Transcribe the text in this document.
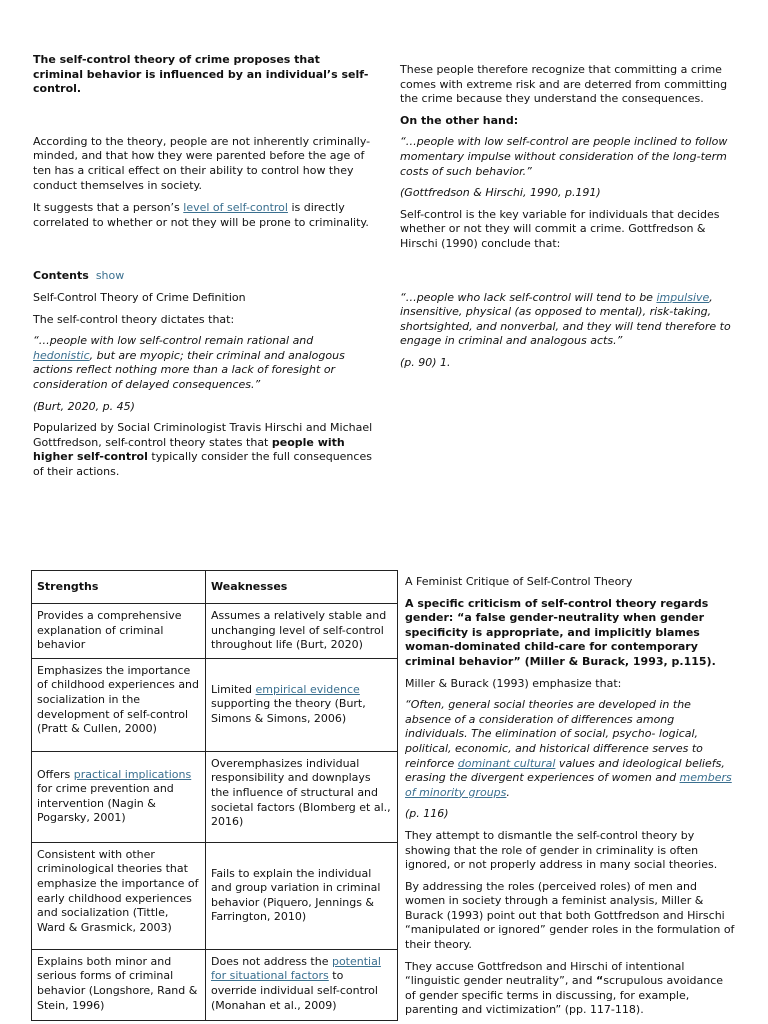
The self-control theory of crime proposes that criminal behavior is influenced by an individual’s self-control.

According to the theory, people are not inherently criminally-minded, and that how they were parented before the age of ten has a critical effect on their ability to control how they conduct themselves in society.

It suggests that a person’s level of self-control is directly correlated to whether or not they will be prone to criminality.

Contents show

Self-Control Theory of Crime Definition

The self-control theory dictates that:

“…people with low self-control remain rational and hedonistic, but are myopic; their criminal and analogous actions reflect nothing more than a lack of foresight or consideration of delayed consequences.”

(Burt, 2020, p. 45)

Popularized by Social Criminologist Travis Hirschi and Michael Gottfredson, self-control theory states that people with higher self-control typically consider the full consequences of their actions.

These people therefore recognize that committing a crime comes with extreme risk and are deterred from committing the crime because they understand the consequences.

On the other hand:

“…people with low self-control are people inclined to follow momentary impulse without consideration of the long-term costs of such behavior.”

(Gottfredson & Hirschi, 1990, p.191)

Self-control is the key variable for individuals that decides whether or not they will commit a crime. Gottfredson & Hirschi (1990) conclude that:

“…people who lack self-control will tend to be impulsive, insensitive, physical (as opposed to mental), risk-taking, shortsighted, and nonverbal, and they will tend therefore to engage in criminal and analogous acts.”

(p. 90) 1.

Strengths	Weaknesses
Provides a comprehensive explanation of criminal behavior	Assumes a relatively stable and unchanging level of self-control throughout life (Burt, 2020)
Emphasizes the importance of childhood experiences and socialization in the development of self-control (Pratt & Cullen, 2000)	Limited empirical evidence supporting the theory (Burt, Simons & Simons, 2006)
Offers practical implications for crime prevention and intervention (Nagin & Pogarsky, 2001)	Overemphasizes individual responsibility and downplays the influence of structural and societal factors (Blomberg et al., 2016)
Consistent with other criminological theories that emphasize the importance of early childhood experiences and socialization (Tittle, Ward & Grasmick, 2003)	Fails to explain the individual and group variation in criminal behavior (Piquero, Jennings & Farrington, 2010)
Explains both minor and serious forms of criminal behavior (Longshore, Rand & Stein, 1996)	Does not address the potential for situational factors to override individual self-control (Monahan et al., 2009)

A Feminist Critique of Self-Control Theory

A specific criticism of self-control theory regards gender: “a false gender-neutrality when gender specificity is appropriate, and implicitly blames woman-dominated child-care for contemporary criminal behavior” (Miller & Burack, 1993, p.115).

Miller & Burack (1993) emphasize that:

“Often, general social theories are developed in the absence of a consideration of differences among individuals. The elimination of social, psycho- logical, political, economic, and historical difference serves to reinforce dominant cultural values and ideological beliefs, erasing the divergent experiences of women and members of minority groups.

(p. 116)

They attempt to dismantle the self-control theory by showing that the role of gender in criminality is often ignored, or not properly address in many social theories.

By addressing the roles (perceived roles) of men and women in society through a feminist analysis, Miller & Burack (1993) point out that both Gottfredson and Hirschi “manipulated or ignored” gender roles in the formulation of their theory.

They accuse Gottfredson and Hirschi of intentional “linguistic gender neutrality”, and “scrupulous avoidance of gender specific terms in discussing, for example, parenting and victimization” (pp. 117-118).
